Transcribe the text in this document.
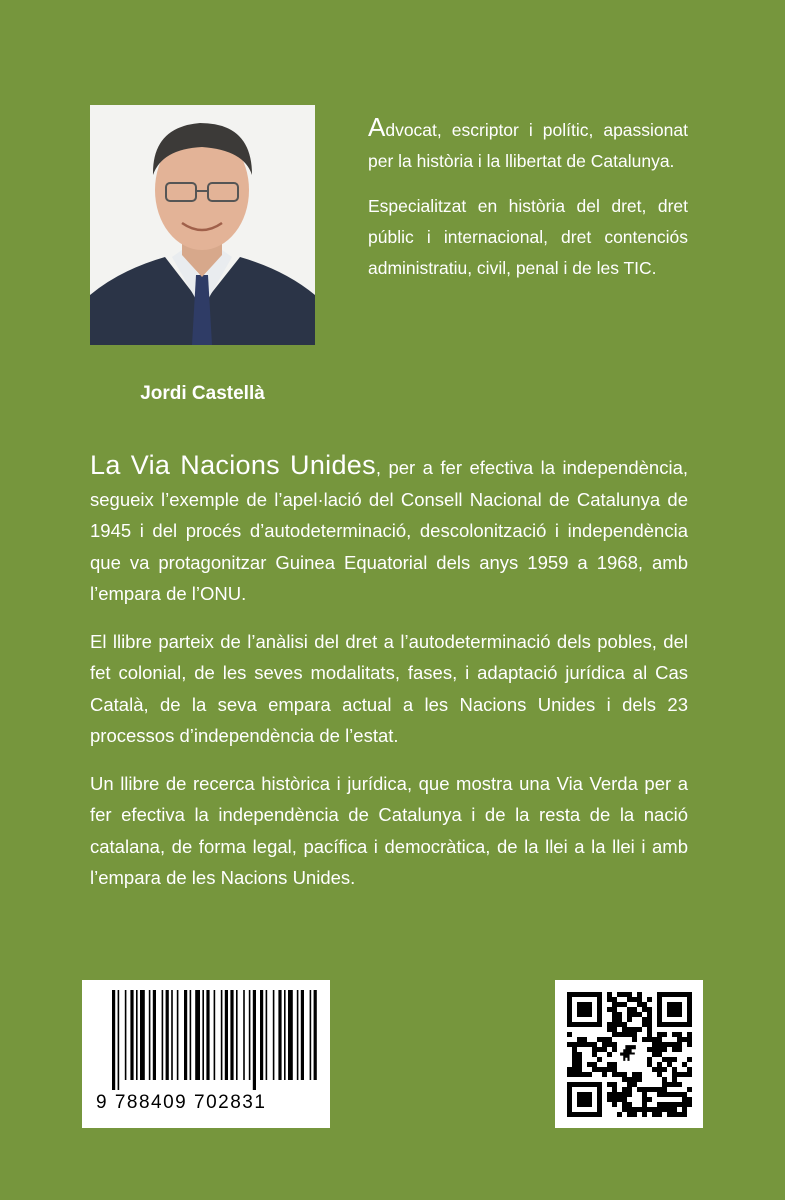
Jordi Castellà

Advocat, escriptor i polític, apassionat per la història i la llibertat de Catalunya.

Especialitzat en història del dret, dret públic i internacional, dret contenciós administratiu, civil, penal i de les TIC.

La Via Nacions Unides, per a fer efectiva la independència, segueix l’exemple de l’apel·lació del Consell Nacional de Catalunya de 1945 i del procés d’autodeterminació, descolonització i independència que va protagonitzar Guinea Equatorial dels anys 1959 a 1968, amb l’empara de l’ONU.

El llibre parteix de l’anàlisi del dret a l’autodeterminació dels pobles, del fet colonial, de les seves modalitats, fases, i adaptació jurídica al Cas Català, de la seva empara actual a les Nacions Unides i dels 23 processos d’independència de l’estat.

Un llibre de recerca històrica i jurídica, que mostra una Via Verda per a fer efectiva la independència de Catalunya i de la resta de la nació catalana, de forma legal, pacífica i democràtica, de la llei a la llei i amb l’empara de les Nacions Unides.

9 788409 702831
